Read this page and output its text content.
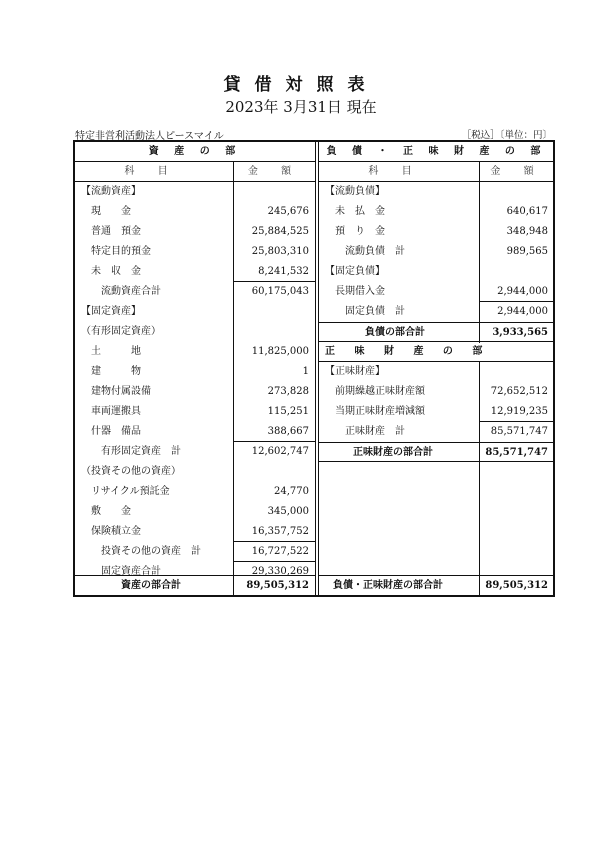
貸借対照表
2023年 3月31日 現在
特定非営利活動法人ピースマイル	［税込］〔単位：円〕
資 産 の 部
科 目	金 額
【流動資産】
　現　　金	245,676
　普通　預金	25,884,525
　特定目的預金	25,803,310
　未　収　金	8,241,532
　　流動資産合計	60,175,043
【固定資産】
（有形固定資産）
　土　　　地	11,825,000
　建　　　物	1
　建物付属設備	273,828
　車両運搬具	115,251
　什器　備品	388,667
　　有形固定資産　計	12,602,747
（投資その他の資産）
　リサイクル預託金	24,770
　敷　　金	345,000
　保険積立金	16,357,752
　　投資その他の資産　計	16,727,522
　　固定資産合計	29,330,269
負 債 ・ 正 味 財 産 の 部
科 目	金 額
【流動負債】
　未　払　金	640,617
　預　り　金	348,948
　　流動負債　計	989,565
【固定負債】
　長期借入金	2,944,000
　　固定負債　計	2,944,000
負債の部合計	3,933,565
正 味 財 産 の 部
【正味財産】
　前期繰越正味財産額	72,652,512
　当期正味財産増減額	12,919,235
　　正味財産　計	85,571,747
正味財産の部合計	85,571,747
資産の部合計	89,505,312	負債・正味財産の部合計	89,505,312
